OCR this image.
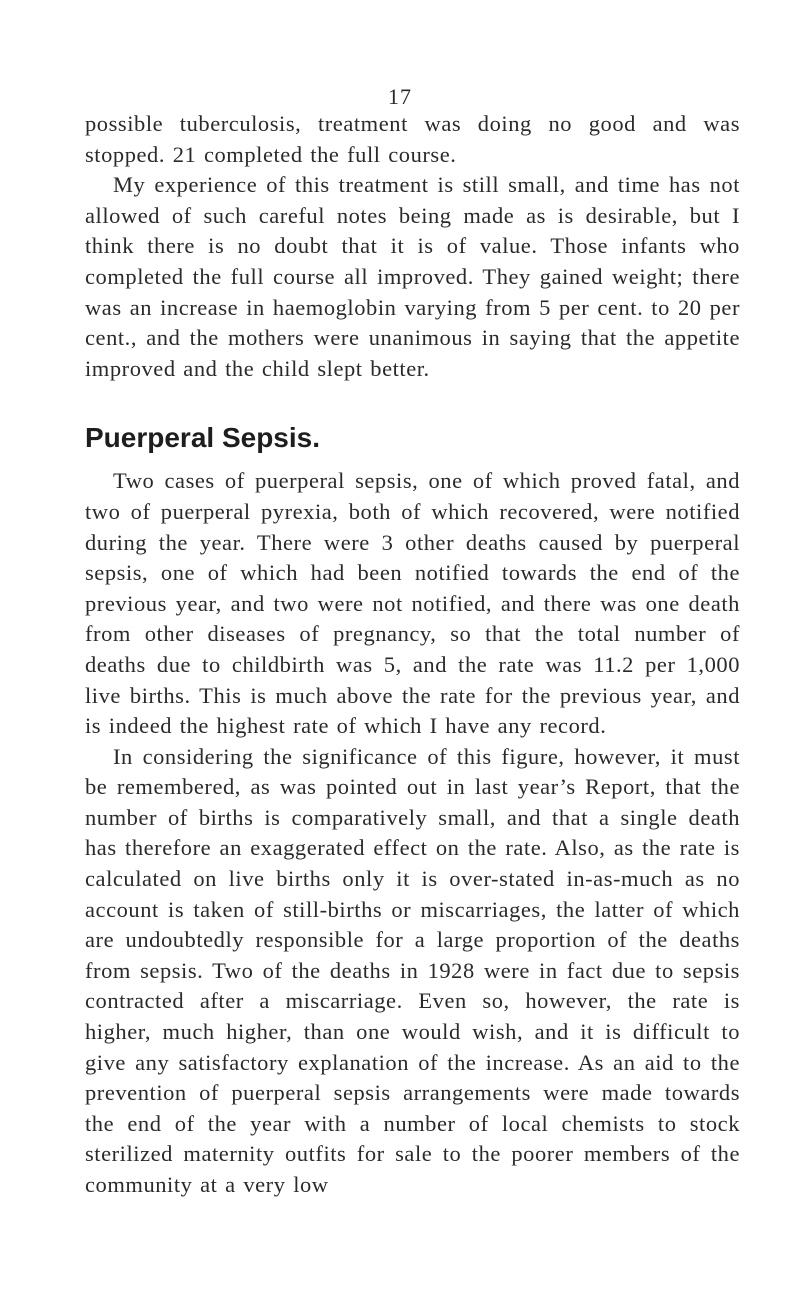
17

possible tuberculosis, treatment was doing no good and was stopped. 21 completed the full course.

My experience of this treatment is still small, and time has not allowed of such careful notes being made as is desirable, but I think there is no doubt that it is of value. Those infants who completed the full course all improved. They gained weight; there was an increase in haemoglobin varying from 5 per cent. to 20 per cent., and the mothers were unanimous in saying that the appetite improved and the child slept better.

Puerperal Sepsis.

Two cases of puerperal sepsis, one of which proved fatal, and two of puerperal pyrexia, both of which recovered, were notified during the year. There were 3 other deaths caused by puerperal sepsis, one of which had been notified towards the end of the previous year, and two were not notified, and there was one death from other diseases of pregnancy, so that the total number of deaths due to childbirth was 5, and the rate was 11.2 per 1,000 live births. This is much above the rate for the previous year, and is indeed the highest rate of which I have any record.

In considering the significance of this figure, however, it must be remembered, as was pointed out in last year’s Report, that the number of births is comparatively small, and that a single death has therefore an exaggerated effect on the rate. Also, as the rate is calculated on live births only it is over-stated in-as-much as no account is taken of still-births or miscarriages, the latter of which are undoubtedly responsible for a large proportion of the deaths from sepsis. Two of the deaths in 1928 were in fact due to sepsis contracted after a miscarriage. Even so, however, the rate is higher, much higher, than one would wish, and it is difficult to give any satisfactory explanation of the increase. As an aid to the prevention of puerperal sepsis arrangements were made towards the end of the year with a number of local chemists to stock sterilized maternity outfits for sale to the poorer members of the community at a very low
